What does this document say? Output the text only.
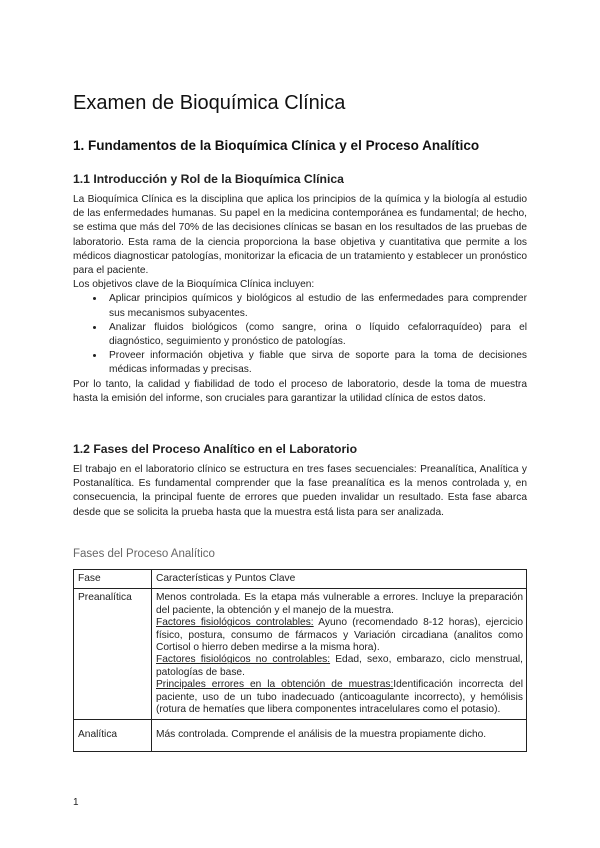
Examen de Bioquímica Clínica
1. Fundamentos de la Bioquímica Clínica y el Proceso Analítico
1.1 Introducción y Rol de la Bioquímica Clínica

La Bioquímica Clínica es la disciplina que aplica los principios de la química y la biología al estudio de las enfermedades humanas. Su papel en la medicina contemporánea es fundamental; de hecho, se estima que más del 70% de las decisiones clínicas se basan en los resultados de las pruebas de laboratorio. Esta rama de la ciencia proporciona la base objetiva y cuantitativa que permite a los médicos diagnosticar patologías, monitorizar la eficacia de un tratamiento y establecer un pronóstico para el paciente.

Los objetivos clave de la Bioquímica Clínica incluyen:

• Aplicar principios químicos y biológicos al estudio de las enfermedades para comprender sus mecanismos subyacentes.
• Analizar fluidos biológicos (como sangre, orina o líquido cefalorraquídeo) para el diagnóstico, seguimiento y pronóstico de patologías.
• Proveer información objetiva y fiable que sirva de soporte para la toma de decisiones médicas informadas y precisas.

Por lo tanto, la calidad y fiabilidad de todo el proceso de laboratorio, desde la toma de muestra hasta la emisión del informe, son cruciales para garantizar la utilidad clínica de estos datos.

1.2 Fases del Proceso Analítico en el Laboratorio

El trabajo en el laboratorio clínico se estructura en tres fases secuenciales: Preanalítica, Analítica y Postanalítica. Es fundamental comprender que la fase preanalítica es la menos controlada y, en consecuencia, la principal fuente de errores que pueden invalidar un resultado. Esta fase abarca desde que se solicita la prueba hasta que la muestra está lista para ser analizada.

Fases del Proceso Analítico
Fase	Características y Puntos Clave
Preanalítica	Menos controlada. Es la etapa más vulnerable a errores. Incluye la preparación del paciente, la obtención y el manejo de la muestra.
Factores fisiológicos controlables: Ayuno (recomendado 8-12 horas), ejercicio físico, postura, consumo de fármacos y Variación circadiana (analitos como Cortisol o hierro deben medirse a la misma hora).
Factores fisiológicos no controlables: Edad, sexo, embarazo, ciclo menstrual, patologías de base.
Principales errores en la obtención de muestras:Identificación incorrecta del paciente, uso de un tubo inadecuado (anticoagulante incorrecto), y hemólisis (rotura de hematíes que libera componentes intracelulares como el potasio).

Analítica	Más controlada. Comprende el análisis de la muestra propiamente dicho.
1
